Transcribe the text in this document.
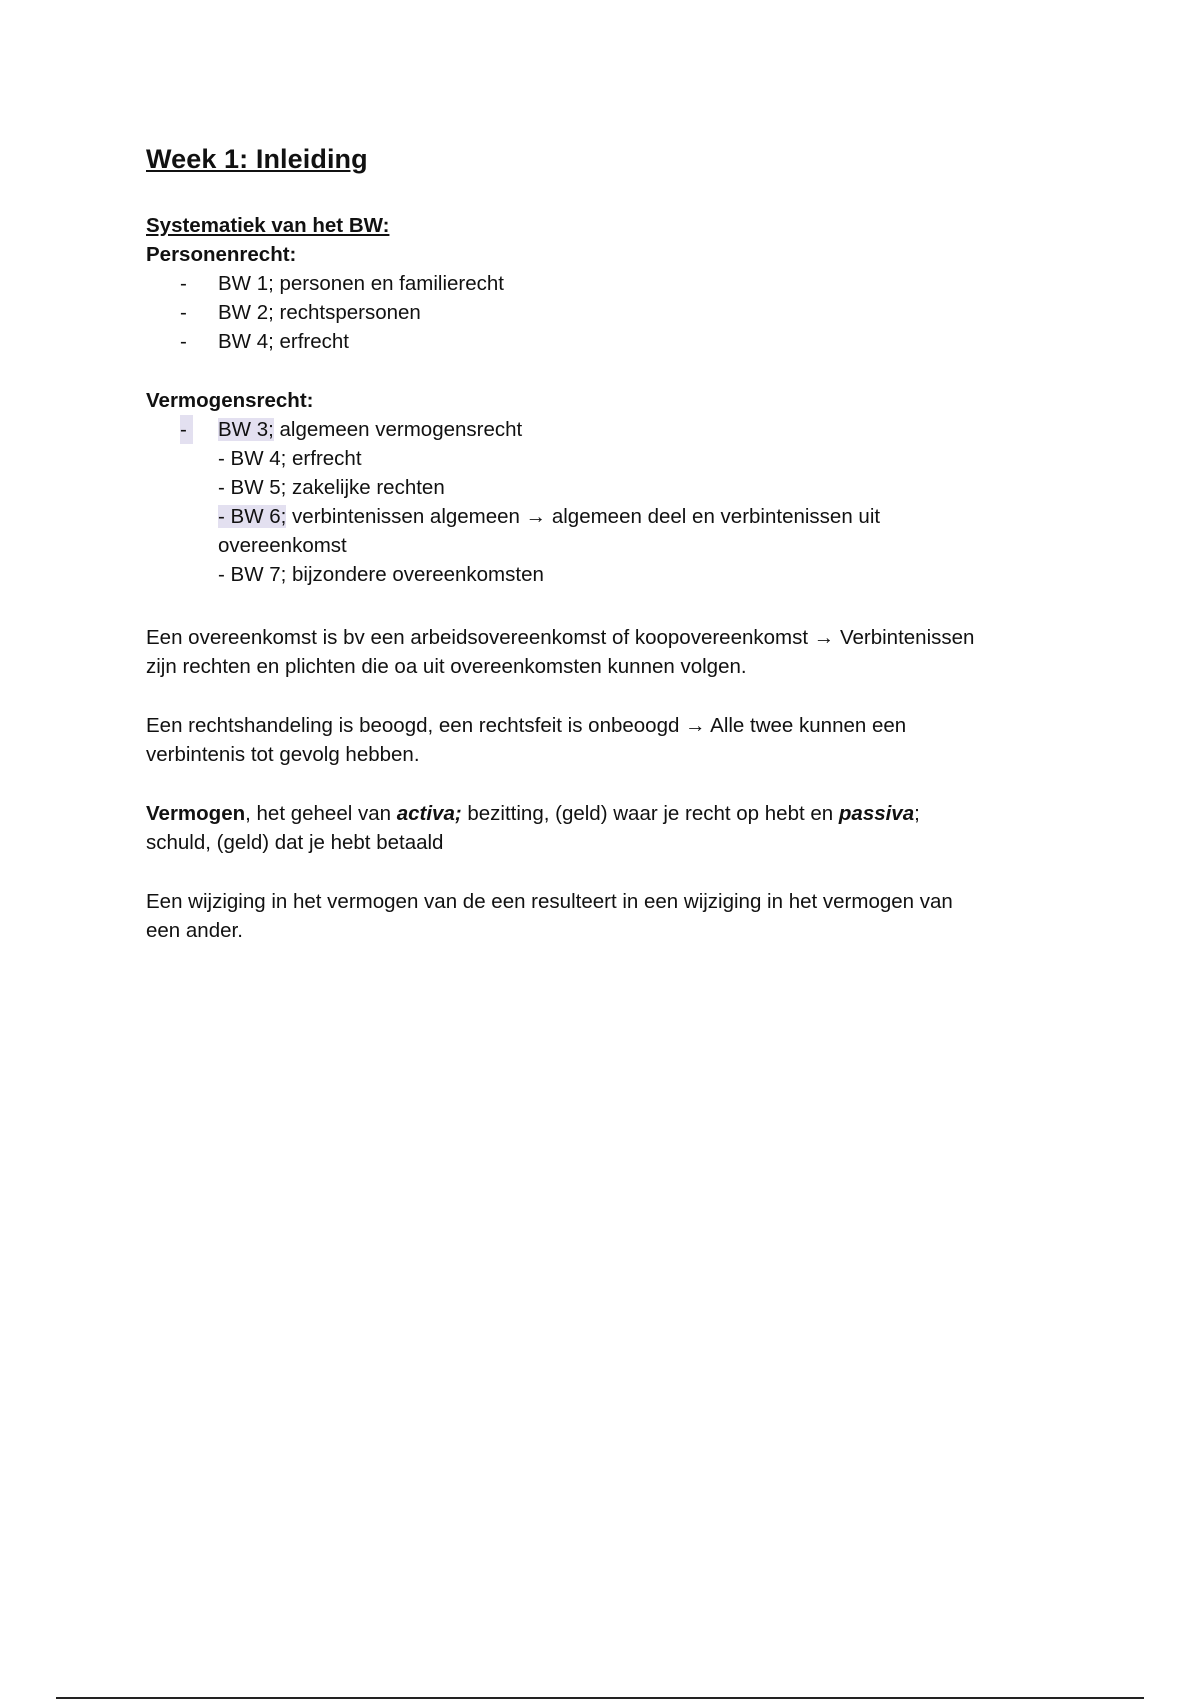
Week 1: Inleiding
Systematiek van het BW:
Personenrecht:
- BW 1; personen en familierecht
- BW 2; rechtspersonen
- BW 4; erfrecht
Vermogensrecht:
- BW 3; algemeen vermogensrecht
- BW 4; erfrecht
- BW 5; zakelijke rechten
- BW 6; verbintenissen algemeen → algemeen deel en verbintenissen uit
overeenkomst
- BW 7; bijzondere overeenkomsten
Een overeenkomst is bv een arbeidsovereenkomst of koopovereenkomst → Verbintenissen
zijn rechten en plichten die oa uit overeenkomsten kunnen volgen.
Een rechtshandeling is beoogd, een rechtsfeit is onbeoogd → Alle twee kunnen een
verbintenis tot gevolg hebben.
Vermogen, het geheel van activa; bezitting, (geld) waar je recht op hebt en passiva;
schuld, (geld) dat je hebt betaald
Een wijziging in het vermogen van de een resulteert in een wijziging in het vermogen van
een ander.
